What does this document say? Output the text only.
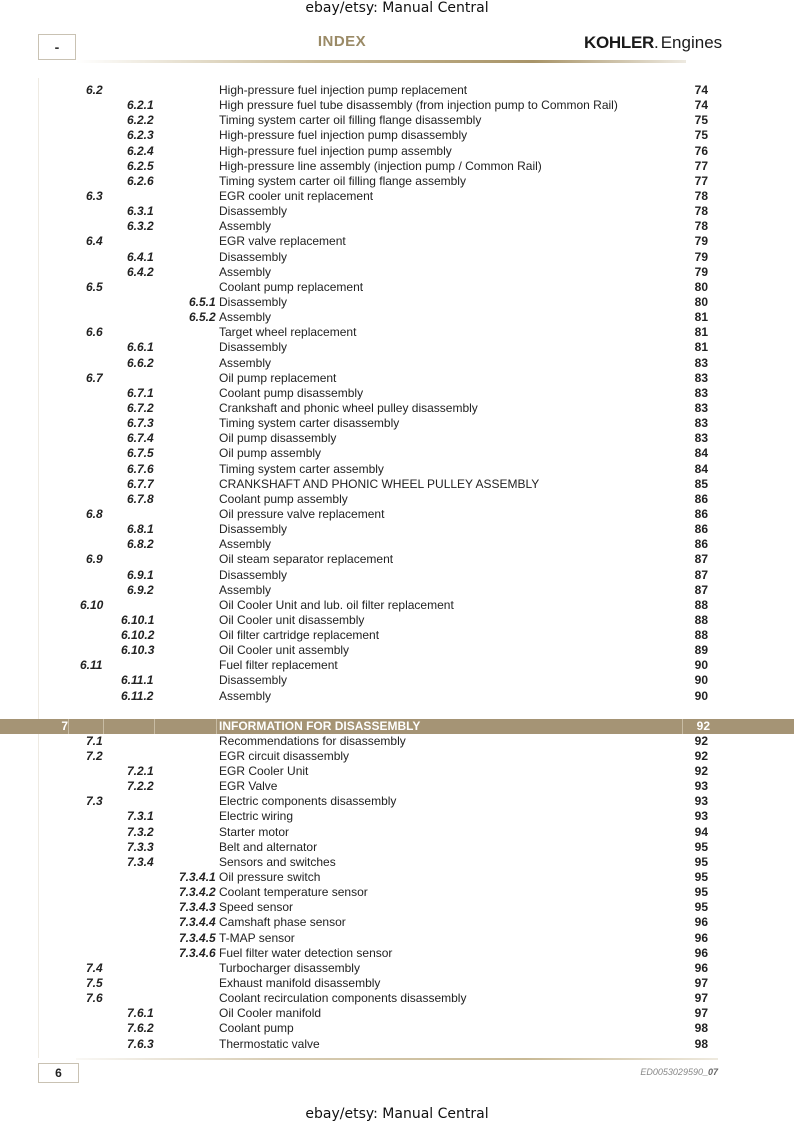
ebay/etsy: Manual Central
-	INDEX	KOHLER. Engines
6.2	High-pressure fuel injection pump replacement	74
6.2.1	High pressure fuel tube disassembly (from injection pump to Common Rail)	74
6.2.2	Timing system carter oil filling flange disassembly	75
6.2.3	High-pressure fuel injection pump disassembly	75
6.2.4	High-pressure fuel injection pump assembly	76
6.2.5	High-pressure line assembly (injection pump / Common Rail)	77
6.2.6	Timing system carter oil filling flange assembly	77
6.3	EGR cooler unit replacement	78
6.3.1	Disassembly	78
6.3.2	Assembly	78
6.4	EGR valve replacement	79
6.4.1	Disassembly	79
6.4.2	Assembly	79
6.5	Coolant pump replacement	80
6.5.1 Disassembly	80
6.5.2 Assembly	81
6.6	Target wheel replacement	81
6.6.1	Disassembly	81
6.6.2	Assembly	83
6.7	Oil pump replacement	83
6.7.1	Coolant pump disassembly	83
6.7.2	Crankshaft and phonic wheel pulley disassembly	83
6.7.3	Timing system carter disassembly	83
6.7.4	Oil pump disassembly	83
6.7.5	Oil pump assembly	84
6.7.6	Timing system carter assembly	84
6.7.7	CRANKSHAFT AND PHONIC WHEEL PULLEY ASSEMBLY	85
6.7.8	Coolant pump assembly	86
6.8	Oil pressure valve replacement	86
6.8.1	Disassembly	86
6.8.2	Assembly	86
6.9	Oil steam separator replacement	87
6.9.1	Disassembly	87
6.9.2	Assembly	87
6.10	Oil Cooler Unit and lub. oil filter replacement	88
6.10.1	Oil Cooler unit disassembly	88
6.10.2	Oil filter cartridge replacement	88
6.10.3	Oil Cooler unit assembly	89
6.11	Fuel filter replacement	90
6.11.1	Disassembly	90
6.11.2	Assembly	90
7	INFORMATION FOR DISASSEMBLY	92
7.1	Recommendations for disassembly	92
7.2	EGR circuit disassembly	92
7.2.1	EGR Cooler Unit	92
7.2.2	EGR Valve	93
7.3	Electric components disassembly	93
7.3.1	Electric wiring	93
7.3.2	Starter motor	94
7.3.3	Belt and alternator	95
7.3.4	Sensors and switches	95
7.3.4.1 Oil pressure switch	95
7.3.4.2 Coolant temperature sensor	95
7.3.4.3 Speed sensor	95
7.3.4.4 Camshaft phase sensor	96
7.3.4.5 T-MAP sensor	96
7.3.4.6 Fuel filter water detection sensor	96
7.4	Turbocharger disassembly	96
7.5	Exhaust manifold disassembly	97
7.6	Coolant recirculation components disassembly	97
7.6.1	Oil Cooler manifold	97
7.6.2	Coolant pump	98
7.6.3	Thermostatic valve	98
6	ED0053029590_07
ebay/etsy: Manual Central
